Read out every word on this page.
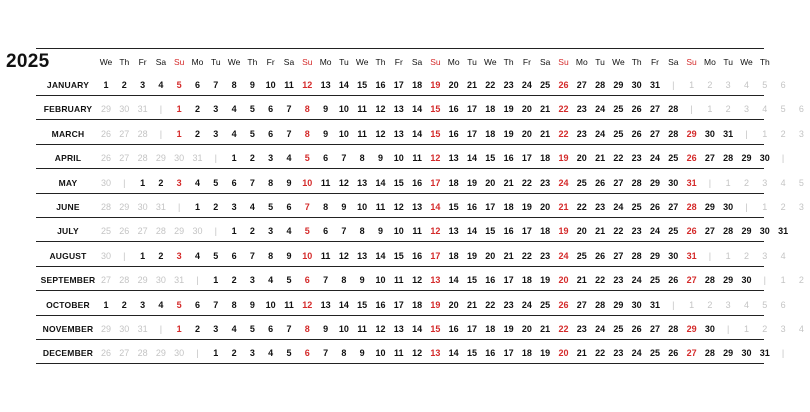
2025	We Th	Fr	Sa Su Mo Tu We Th	Fr	Sa Su Mo Tu We Th	Fr	Sa Su Mo Tu We Th	Fr	Sa Su Mo Tu We Th	Fr	Sa Su Mo Tu We Th
JANUARY	1	2	3	4	5	6	7	8	9	10 11 12 13 14 15 16 17 18 19 20 21 22 23 24 25 26 27 28 29 30 31	|	1	2	3	4	5	6
FEBRUARY 29 30 31	|	1	2	3	4	5	6	7	8	9	10 11 12 13 14 15 16 17 18 19 20 21 22 23 24 25 26 27 28	|	1	2	3	4	5	6
MARCH	26 27 28	|	1	2	3	4	5	6	7	8	9	10 11 12 13 14 15 16 17 18 19 20 21 22 23 24 25 26 27 28 29 30 31	|	1	2	3
APRIL	26 27 28 29 30 31	|	1	2	3	4	5	6	7	8	9	10 11 12 13 14 15 16 17 18 19 20 21 22 23 24 25 26 27 28 29 30	|
MAY	30	|	1	2	3	4	5	6	7	8	9	10 11 12 13 14 15 16 17 18 19 20 21 22 23 24 25 26 27 28 29 30 31	|	1	2	3	4	5
JUNE	28 29 30 31	|	1	2	3	4	5	6	7	8	9	10 11 12 13 14 15 16 17 18 19 20 21 22 23 24 25 26 27 28 29 30	|	1	2	3
JULY	25 26 27 28 29 30	|	1	2	3	4	5	6	7	8	9	10 11 12 13 14 15 16 17 18 19 20 21 22 23 24 25 26 27 28 29 30 31
AUGUST	30	|	1	2	3	4	5	6	7	8	9	10 11 12 13 14 15 16 17 18 19 20 21 22 23 24 25 26 27 28 29 30 31	|	1	2	3	4
SEPTEMBER 27 28 29 30 31	|	1	2	3	4	5	6	7	8	9	10 11 12 13 14 15 16 17 18 19 20 21 22 23 24 25 26 27 28 29 30	|	1	2
OCTOBER	1	2	3	4	5	6	7	8	9	10 11 12 13 14 15 16 17 18 19 20 21 22 23 24 25 26 27 28 29 30 31	|	1	2	3	4	5	6
NOVEMBER 29 30 31	|	1	2	3	4	5	6	7	8	9	10 11 12 13 14 15 16 17 18 19 20 21 22 23 24 25 26 27 28 29 30	|	1	2	3	4
DECEMBER 26 27 28 29 30	|	1	2	3	4	5	6	7	8	9	10 11 12 13 14 15 16 17 18 19 20 21 22 23 24 25 26 27 28 29 30 31	|
